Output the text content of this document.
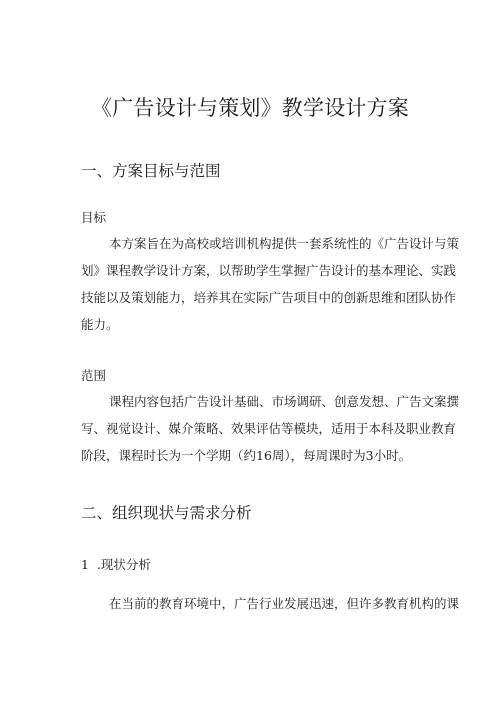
《广告设计与策划》教学设计方案
一、方案目标与范围
目标
本方案旨在为高校或培训机构提供一套系统性的《广告设计与策
划》课程教学设计方案，以帮助学生掌握广告设计的基本理论、实践
技能以及策划能力，培养其在实际广告项目中的创新思维和团队协作
能力。
范围
课程内容包括广告设计基础、市场调研、创意发想、广告文案撰
写、视觉设计、媒介策略、效果评估等模块，适用于本科及职业教育
阶段，课程时长为一个学期（约16周），每周课时为3小时。
二、组织现状与需求分析
1  .现状分析
在当前的教育环境中，广告行业发展迅速，但许多教育机构的课
